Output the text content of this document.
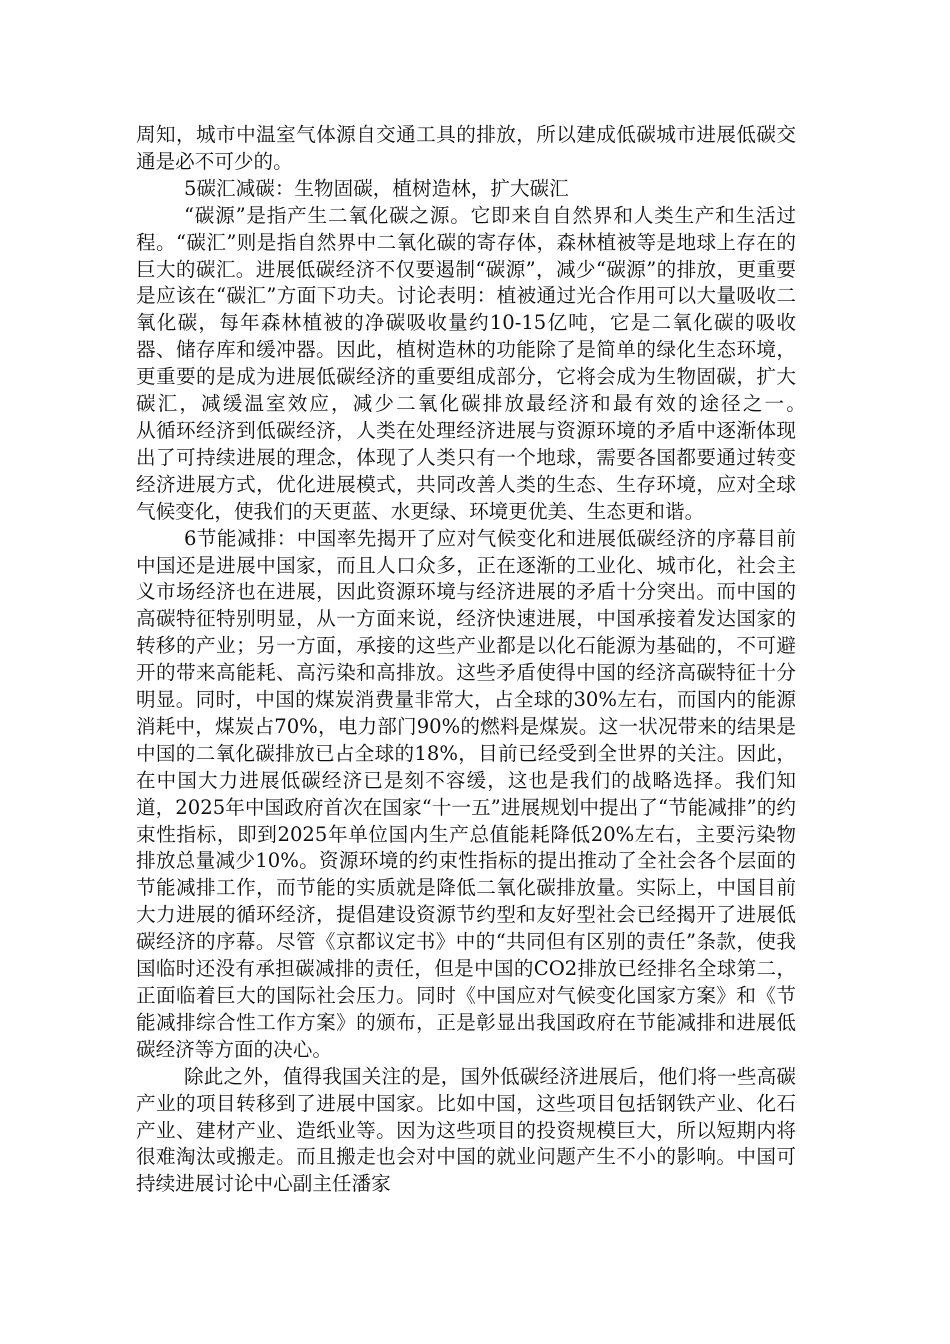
周知，城市中温室气体源自交通工具的排放，所以建成低碳城市进展低碳交通是必不可少的。

5碳汇减碳：生物固碳，植树造林，扩大碳汇

“碳源”是指产生二氧化碳之源。它即来自自然界和人类生产和生活过程。“碳汇”则是指自然界中二氧化碳的寄存体，森林植被等是地球上存在的巨大的碳汇。进展低碳经济不仅要遏制“碳源”，减少“碳源”的排放，更重要是应该在“碳汇”方面下功夫。讨论表明：植被通过光合作用可以大量吸收二氧化碳，每年森林植被的净碳吸收量约10-15亿吨，它是二氧化碳的吸收器、储存库和缓冲器。因此，植树造林的功能除了是简单的绿化生态环境，更重要的是成为进展低碳经济的重要组成部分，它将会成为生物固碳，扩大碳汇，减缓温室效应，减少二氧化碳排放最经济和最有效的途径之一。　　　从循环经济到低碳经济，人类在处理经济进展与资源环境的矛盾中逐渐体现出了可持续进展的理念，体现了人类只有一个地球，需要各国都要通过转变经济进展方式，优化进展模式，共同改善人类的生态、生存环境，应对全球气候变化，使我们的天更蓝、水更绿、环境更优美、生态更和谐。

6节能减排：中国率先揭开了应对气候变化和进展低碳经济的序幕目前中国还是进展中国家，而且人口众多，正在逐渐的工业化、城市化，社会主义市场经济也在进展，因此资源环境与经济进展的矛盾十分突出。而中国的高碳特征特别明显，从一方面来说，经济快速进展，中国承接着发达国家的转移的产业；另一方面，承接的这些产业都是以化石能源为基础的，不可避开的带来高能耗、高污染和高排放。这些矛盾使得中国的经济高碳特征十分明显。同时，中国的煤炭消费量非常大，占全球的30%左右，而国内的能源消耗中，煤炭占70%，电力部门90%的燃料是煤炭。这一状况带来的结果是中国的二氧化碳排放已占全球的18%，目前已经受到全世界的关注。因此，在中国大力进展低碳经济已是刻不容缓，这也是我们的战略选择。我们知道，2025年中国政府首次在国家“十一五”进展规划中提出了“节能减排”的约束性指标，即到2025年单位国内生产总值能耗降低20%左右，主要污染物排放总量减少10%。资源环境的约束性指标的提出推动了全社会各个层面的节能减排工作，而节能的实质就是降低二氧化碳排放量。实际上，中国目前大力进展的循环经济，提倡建设资源节约型和友好型社会已经揭开了进展低碳经济的序幕。尽管《京都议定书》中的“共同但有区别的责任”条款，使我国临时还没有承担碳减排的责任，但是中国的CO2排放已经排名全球第二，正面临着巨大的国际社会压力。同时《中国应对气候变化国家方案》和《节能减排综合性工作方案》的颁布，正是彰显出我国政府在节能减排和进展低碳经济等方面的决心。

除此之外，值得我国关注的是，国外低碳经济进展后，他们将一些高碳产业的项目转移到了进展中国家。比如中国，这些项目包括钢铁产业、化石产业、建材产业、造纸业等。因为这些项目的投资规模巨大，所以短期内将很难淘汰或搬走。而且搬走也会对中国的就业问题产生不小的影响。中国可持续进展讨论中心副主任潘家
